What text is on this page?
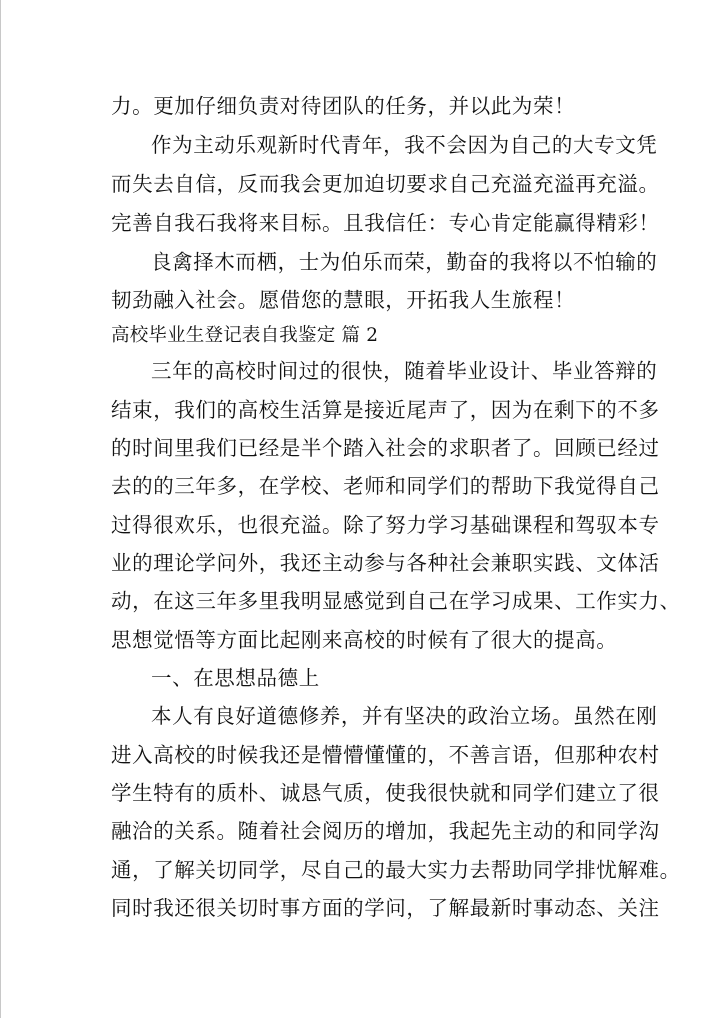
力。更加仔细负责对待团队的任务，并以此为荣！
作为主动乐观新时代青年，我不会因为自己的大专文凭
而失去自信，反而我会更加迫切要求自己充溢充溢再充溢。
完善自我石我将来目标。且我信任：专心肯定能赢得精彩！
良禽择木而栖，士为伯乐而荣，勤奋的我将以不怕输的
韧劲融入社会。愿借您的慧眼，开拓我人生旅程！
高校毕业生登记表自我鉴定 篇 2
三年的高校时间过的很快，随着毕业设计、毕业答辩的
结束，我们的高校生活算是接近尾声了，因为在剩下的不多
的时间里我们已经是半个踏入社会的求职者了。回顾已经过
去的的三年多，在学校、老师和同学们的帮助下我觉得自己
过得很欢乐，也很充溢。除了努力学习基础课程和驾驭本专
业的理论学问外，我还主动参与各种社会兼职实践、文体活
动，在这三年多里我明显感觉到自己在学习成果、工作实力、
思想觉悟等方面比起刚来高校的时候有了很大的提高。
一、在思想品德上
本人有良好道德修养，并有坚决的政治立场。虽然在刚
进入高校的时候我还是懵懵懂懂的，不善言语，但那种农村
学生特有的质朴、诚恳气质，使我很快就和同学们建立了很
融洽的关系。随着社会阅历的增加，我起先主动的和同学沟
通，了解关切同学，尽自己的最大实力去帮助同学排忧解难。
同时我还很关切时事方面的学问，了解最新时事动态、关注
